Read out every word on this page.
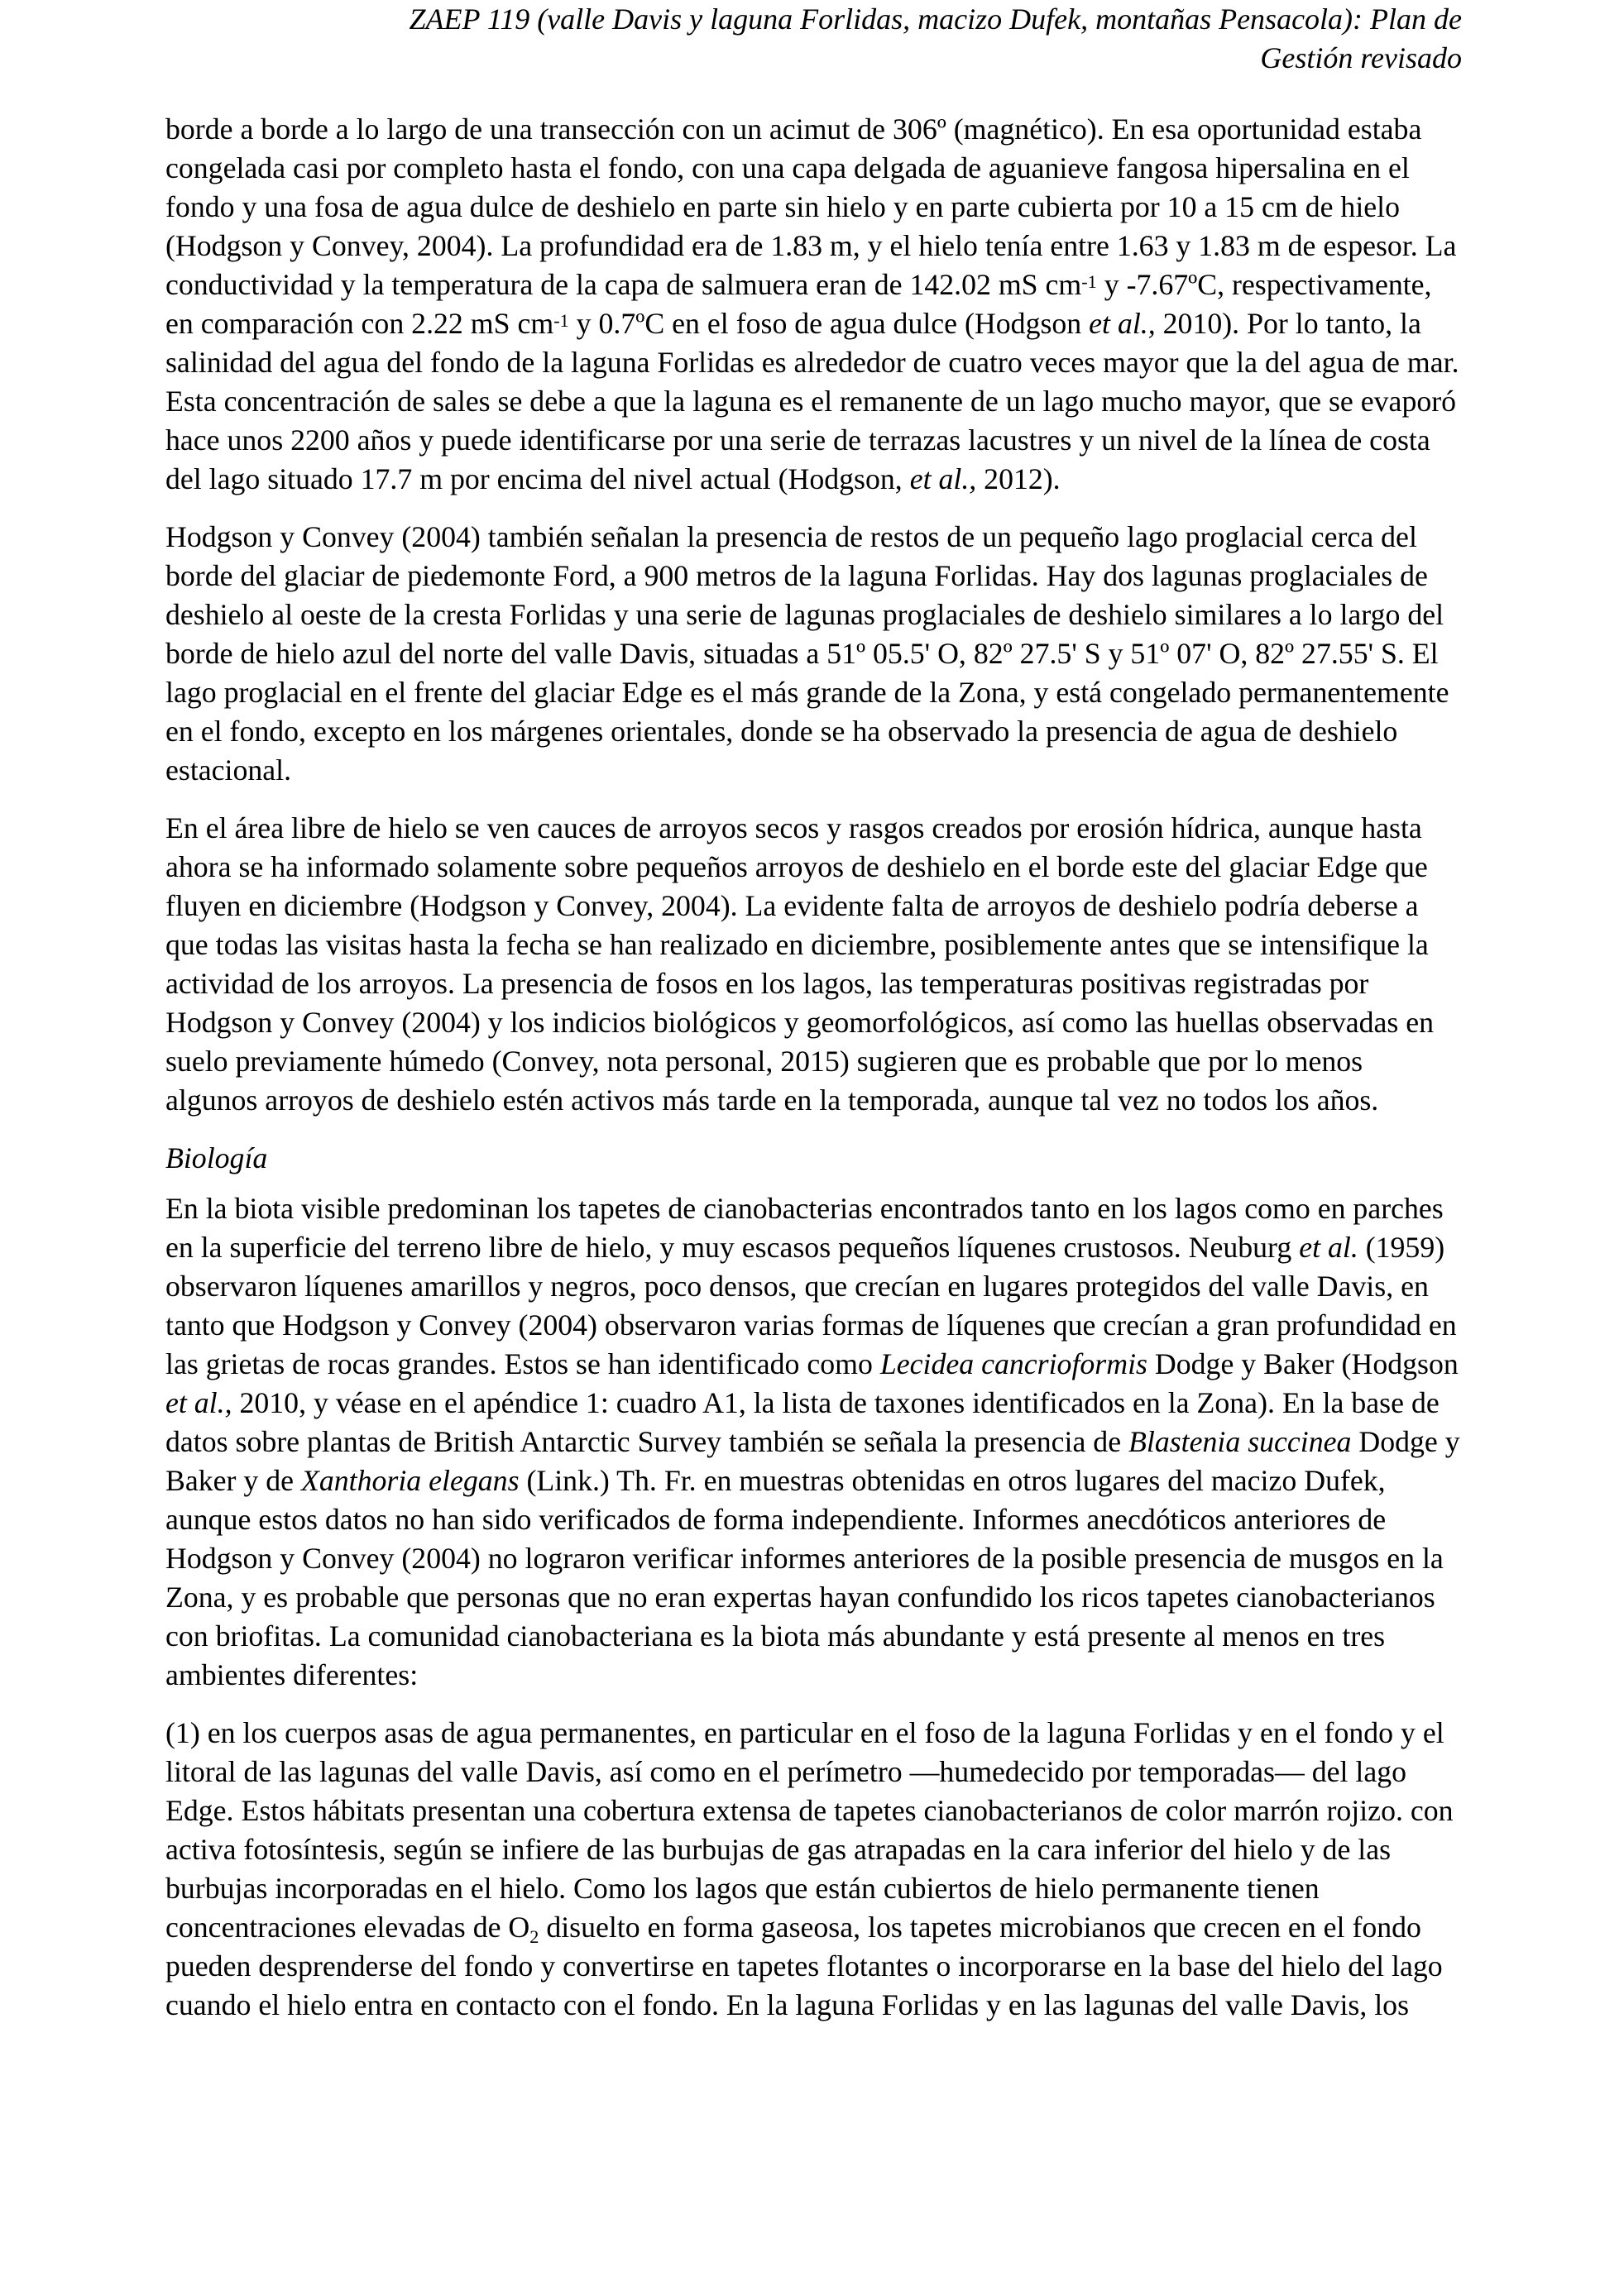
ZAEP 119 (valle Davis y laguna Forlidas, macizo Dufek, montañas Pensacola): Plan de
Gestión revisado

borde a borde a lo largo de una transección con un acimut de 306º (magnético). En esa oportunidad estaba congelada casi por completo hasta el fondo, con una capa delgada de aguanieve fangosa hipersalina en el fondo y una fosa de agua dulce de deshielo en parte sin hielo y en parte cubierta por 10 a 15 cm de hielo (Hodgson y Convey, 2004). La profundidad era de 1.83 m, y el hielo tenía entre 1.63 y 1.83 m de espesor. La conductividad y la temperatura de la capa de salmuera eran de 142.02 mS $cm^{-1}$ y -7.67ºC, respectivamente, en comparación con 2.22 mS $cm^{-1}$ y 0.7ºC en el foso de agua dulce (Hodgson et al., 2010). Por lo tanto, la salinidad del agua del fondo de la laguna Forlidas es alrededor de cuatro veces mayor que la del agua de mar. Esta concentración de sales se debe a que la laguna es el remanente de un lago mucho mayor, que se evaporó hace unos 2200 años y puede identificarse por una serie de terrazas lacustres y un nivel de la línea de costa del lago situado 17.7 m por encima del nivel actual (Hodgson, et al., 2012).

Hodgson y Convey (2004) también señalan la presencia de restos de un pequeño lago proglacial cerca del borde del glaciar de piedemonte Ford, a 900 metros de la laguna Forlidas. Hay dos lagunas proglaciales de deshielo al oeste de la cresta Forlidas y una serie de lagunas proglaciales de deshielo similares a lo largo del borde de hielo azul del norte del valle Davis, situadas a 51º 05.5' O, 82º 27.5' S y 51º 07' O, 82º 27.55' S. El lago proglacial en el frente del glaciar Edge es el más grande de la Zona, y está congelado permanentemente en el fondo, excepto en los márgenes orientales, donde se ha observado la presencia de agua de deshielo estacional.

En el área libre de hielo se ven cauces de arroyos secos y rasgos creados por erosión hídrica, aunque hasta ahora se ha informado solamente sobre pequeños arroyos de deshielo en el borde este del glaciar Edge que fluyen en diciembre (Hodgson y Convey, 2004). La evidente falta de arroyos de deshielo podría deberse a que todas las visitas hasta la fecha se han realizado en diciembre, posiblemente antes que se intensifique la actividad de los arroyos. La presencia de fosos en los lagos, las temperaturas positivas registradas por Hodgson y Convey (2004) y los indicios biológicos y geomorfológicos, así como las huellas observadas en suelo previamente húmedo (Convey, nota personal, 2015) sugieren que es probable que por lo menos algunos arroyos de deshielo estén activos más tarde en la temporada, aunque tal vez no todos los años.

Biología

En la biota visible predominan los tapetes de cianobacterias encontrados tanto en los lagos como en parches en la superficie del terreno libre de hielo, y muy escasos pequeños líquenes crustosos. Neuburg et al. (1959) observaron líquenes amarillos y negros, poco densos, que crecían en lugares protegidos del valle Davis, en tanto que Hodgson y Convey (2004) observaron varias formas de líquenes que crecían a gran profundidad en las grietas de rocas grandes. Estos se han identificado como Lecidea cancriοformis Dodge y Baker (Hodgson et al., 2010, y véase en el apéndice 1: cuadro A1, la lista de taxones identificados en la Zona). En la base de datos sobre plantas de British Antarctic Survey también se señala la presencia de Blastenia succinea Dodge y Baker y de Xanthoria elegans (Link.) Th. Fr. en muestras obtenidas en otros lugares del macizo Dufek, aunque estos datos no han sido verificados de forma independiente. Informes anecdóticos anteriores de Hodgson y Convey (2004) no lograron verificar informes anteriores de la posible presencia de musgos en la Zona, y es probable que personas que no eran expertas hayan confundido los ricos tapetes cianobacterianos con briofitas. La comunidad cianobacteriana es la biota más abundante y está presente al menos en tres ambientes diferentes:

(1) en los cuerpos asas de agua permanentes, en particular en el foso de la laguna Forlidas y en el fondo y el litoral de las lagunas del valle Davis, así como en el perímetro —humedecido por temporadas— del lago Edge. Estos hábitats presentan una cobertura extensa de tapetes cianobacterianos de color marrón rojizo. con activa fotosíntesis, según se infiere de las burbujas de gas atrapadas en la cara inferior del hielo y de las burbujas incorporadas en el hielo. Como los lagos que están cubiertos de hielo permanente tienen concentraciones elevadas de $O_2$ disuelto en forma gaseosa, los tapetes microbianos que crecen en el fondo pueden desprenderse del fondo y convertirse en tapetes flotantes o incorporarse en la base del hielo del lago cuando el hielo entra en contacto con el fondo. En la laguna Forlidas y en las lagunas del valle Davis, los
